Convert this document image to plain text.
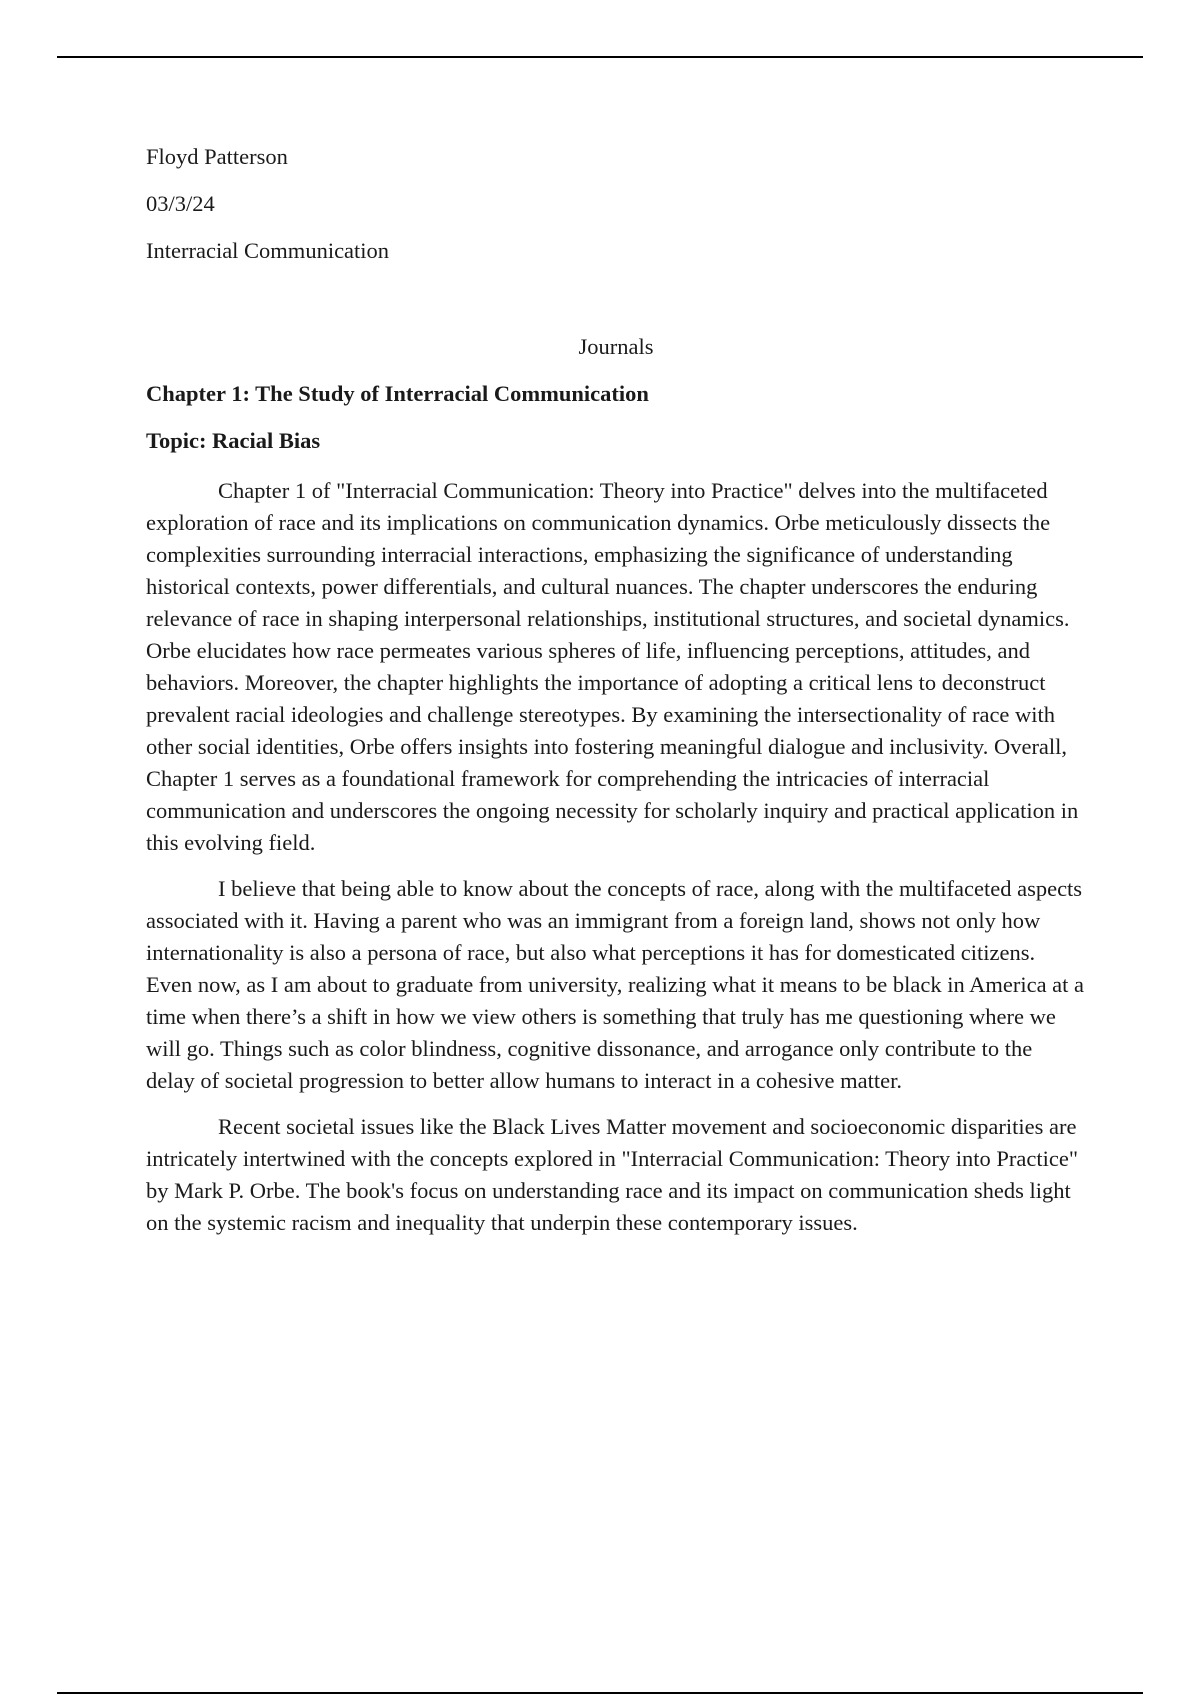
Floyd Patterson
03/3/24
Interracial Communication
Journals
Chapter 1: The Study of Interracial Communication
Topic: Racial Bias

Chapter 1 of "Interracial Communication: Theory into Practice" delves into the multifaceted exploration of race and its implications on communication dynamics. Orbe meticulously dissects the complexities surrounding interracial interactions, emphasizing the significance of understanding historical contexts, power differentials, and cultural nuances. The chapter underscores the enduring relevance of race in shaping interpersonal relationships, institutional structures, and societal dynamics. Orbe elucidates how race permeates various spheres of life, influencing perceptions, attitudes, and behaviors. Moreover, the chapter highlights the importance of adopting a critical lens to deconstruct prevalent racial ideologies and challenge stereotypes. By examining the intersectionality of race with other social identities, Orbe offers insights into fostering meaningful dialogue and inclusivity. Overall, Chapter 1 serves as a foundational framework for comprehending the intricacies of interracial communication and underscores the ongoing necessity for scholarly inquiry and practical application in this evolving field.

I believe that being able to know about the concepts of race, along with the multifaceted aspects associated with it. Having a parent who was an immigrant from a foreign land, shows not only how internationality is also a persona of race, but also what perceptions it has for domesticated citizens. Even now, as I am about to graduate from university, realizing what it means to be black in America at a time when there’s a shift in how we view others is something that truly has me questioning where we will go. Things such as color blindness, cognitive dissonance, and arrogance only contribute to the delay of societal progression to better allow humans to interact in a cohesive matter.

Recent societal issues like the Black Lives Matter movement and socioeconomic disparities are intricately intertwined with the concepts explored in "Interracial Communication: Theory into Practice" by Mark P. Orbe. The book's focus on understanding race and its impact on communication sheds light on the systemic racism and inequality that underpin these contemporary issues.
